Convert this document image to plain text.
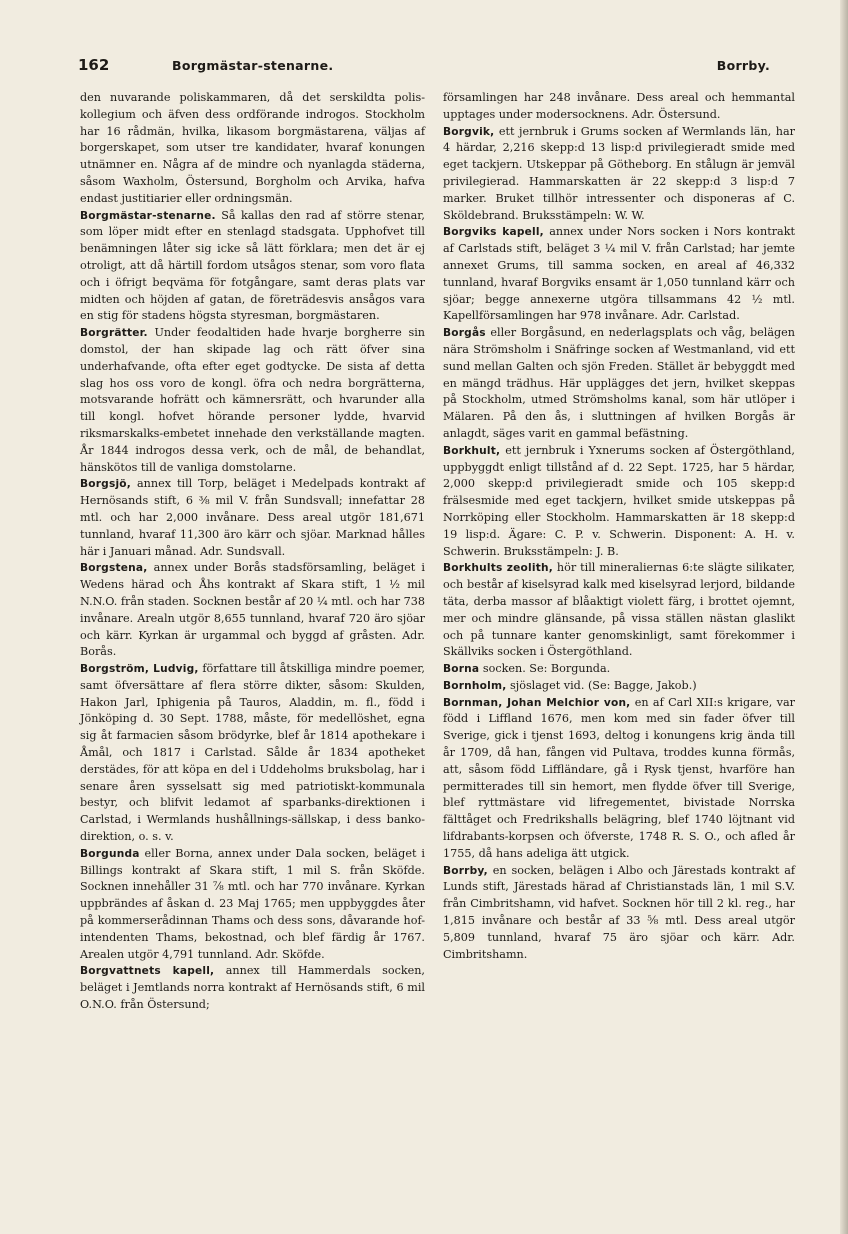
162	Borgmästar-stenarne.	Borrby.

den nuvarande poliskammaren, då det serskildta polis-kollegium och äfven dess ordförande indrogos. Stockholm har 16 rådmän, hvilka, likasom borgmästarena, väljas af borgerskapet, som utser tre kandidater, hvaraf konungen utnämner en. Några af de mindre och nyanlagda städerna, såsom Waxholm, Östersund, Borgholm och Arvika, hafva endast justitiarier eller ordningsmän.

Borgmästar-stenarne. Så kallas den rad af större stenar, som löper midt efter en stenlagd stadsgata. Upphofvet till benämningen låter sig icke så lätt förklara; men det är ej otroligt, att då härtill fordom utsågos stenar, som voro flata och i öfrigt beqväma för fotgångare, samt deras plats var midten och höjden af gatan, de företrädesvis ansågos vara en stig för stadens högsta styresman, borgmästaren.

Borgrätter. Under feodaltiden hade hvarje borgherre sin domstol, der han skipade lag och rätt öfver sina underhafvande, ofta efter eget godtycke. De sista af detta slag hos oss voro de kongl. öfra och nedra borgrätterna, motsvarande hofrätt och kämnersrätt, och hvarunder alla till kongl. hofvet hörande personer lydde, hvarvid riksmarskalks-embetet innehade den verkställande magten. År 1844 indrogos dessa verk, och de mål, de behandlat, hänskötos till de vanliga domstolarne.

Borgsjö, annex till Torp, beläget i Medelpads kontrakt af Hernösands stift, 6 ⅜ mil V. från Sundsvall; innefattar 28 mtl. och har 2,000 invånare. Dess areal utgör 181,671 tunnland, hvaraf 11,300 äro kärr och sjöar. Marknad hålles här i Januari månad. Adr. Sundsvall.

Borgstena, annex under Borås stadsförsamling, beläget i Wedens härad och Åhs kontrakt af Skara stift, 1 ½ mil N.N.O. från staden. Socknen består af 20 ¼ mtl. och har 738 invånare. Arealn utgör 8,655 tunnland, hvaraf 720 äro sjöar och kärr. Kyrkan är urgammal och byggd af gråsten. Adr. Borås.

Borgström, Ludvig, författare till åtskilliga mindre poemer, samt öfversättare af flera större dikter, såsom: Skulden, Hakon Jarl, Iphigenia på Tauros, Aladdin, m. fl., född i Jönköping d. 30 Sept. 1788, måste, för medellöshet, egna sig åt farmacien såsom brödyrke, blef år 1814 apothekare i Åmål, och 1817 i Carlstad. Sålde år 1834 apotheket derstädes, för att köpa en del i Uddeholms bruksbolag, har i senare åren sysselsatt sig med patriotiskt-kommunala bestyr, och blifvit ledamot af sparbanks-direktionen i Carlstad, i Wermlands hushållnings-sällskap, i dess banko-direktion, o. s. v.

Borgunda eller Borna, annex under Dala socken, beläget i Billings kontrakt af Skara stift, 1 mil S. från Sköfde. Socknen innehåller 31 ⅞ mtl. och har 770 invånare. Kyrkan uppbrändes af åskan d. 23 Maj 1765; men uppbyggdes åter på kommerserådinnan Thams och dess sons, dåvarande hof-intendenten Thams, bekostnad, och blef färdig år 1767. Arealen utgör 4,791 tunnland. Adr. Sköfde.

Borgvattnets kapell, annex till Hammerdals socken, beläget i Jemtlands norra kontrakt af Hernösands stift, 6 mil O.N.O. från Östersund;

församlingen har 248 invånare. Dess areal och hemmantal upptages under modersocknens. Adr. Östersund.

Borgvik, ett jernbruk i Grums socken af Wermlands län, har 4 härdar, 2,216 skepp:d 13 lisp:d privilegieradt smide med eget tackjern. Utskeppar på Götheborg. En stålugn är jemväl privilegierad. Hammarskatten är 22 skepp:d 3 lisp:d 7 marker. Bruket tillhör intressenter och disponeras af C. Sköldebrand. Bruksstämpeln: W. W.

Borgviks kapell, annex under Nors socken i Nors kontrakt af Carlstads stift, beläget 3 ¼ mil V. från Carlstad; har jemte annexet Grums, till samma socken, en areal af 46,332 tunnland, hvaraf Borgviks ensamt är 1,050 tunnland kärr och sjöar; begge annexerne utgöra tillsammans 42 ½ mtl. Kapellförsamlingen har 978 invånare. Adr. Carlstad.

Borgås eller Borgåsund, en nederlagsplats och våg, belägen nära Strömsholm i Snäfringe socken af Westmanland, vid ett sund mellan Galten och sjön Freden. Stället är bebyggdt med en mängd trädhus. Här upplägges det jern, hvilket skeppas på Stockholm, utmed Strömsholms kanal, som här utlöper i Mälaren. På den ås, i sluttningen af hvilken Borgås är anlagdt, säges varit en gammal befästning.

Borkhult, ett jernbruk i Yxnerums socken af Östergöthland, uppbyggdt enligt tillstånd af d. 22 Sept. 1725, har 5 härdar, 2,000 skepp:d privilegieradt smide och 105 skepp:d frälsesmide med eget tackjern, hvilket smide utskeppas på Norrköping eller Stockholm. Hammarskatten är 18 skepp:d 19 lisp:d. Ägare: C. P. v. Schwerin. Disponent: A. H. v. Schwerin. Bruksstämpeln: J. B.

Borkhults zeolith, hör till mineraliernas 6:te slägte silikater, och består af kiselsyrad kalk med kiselsyrad lerjord, bildande täta, derba massor af blåaktigt violett färg, i brottet ojemnt, mer och mindre glänsande, på vissa ställen nästan glaslikt och på tunnare kanter genomskinligt, samt förekommer i Skällviks socken i Östergöthland.

Borna socken. Se: Borgunda.

Bornholm, sjöslaget vid. (Se: Bagge, Jakob.)

Bornman, Johan Melchior von, en af Carl XII:s krigare, var född i Liffland 1676, men kom med sin fader öfver till Sverige, gick i tjenst 1693, deltog i konungens krig ända till år 1709, då han, fången vid Pultava, troddes kunna förmås, att, såsom född Liffländare, gå i Rysk tjenst, hvarföre han permitterades till sin hemort, men flydde öfver till Sverige, blef ryttmästare vid lifregementet, bivistade Norrska fälttåget och Fredrikshalls belägring, blef 1740 löjtnant vid lifdrabants-korpsen och öfverste, 1748 R. S. O., och afled år 1755, då hans adeliga ätt utgick.

Borrby, en socken, belägen i Albo och Järestads kontrakt af Lunds stift, Järestads härad af Christianstads län, 1 mil S.V. från Cimbritshamn, vid hafvet. Socknen hör till 2 kl. reg., har 1,815 invånare och består af 33 ⅝ mtl. Dess areal utgör 5,809 tunnland, hvaraf 75 äro sjöar och kärr. Adr. Cimbritshamn.
